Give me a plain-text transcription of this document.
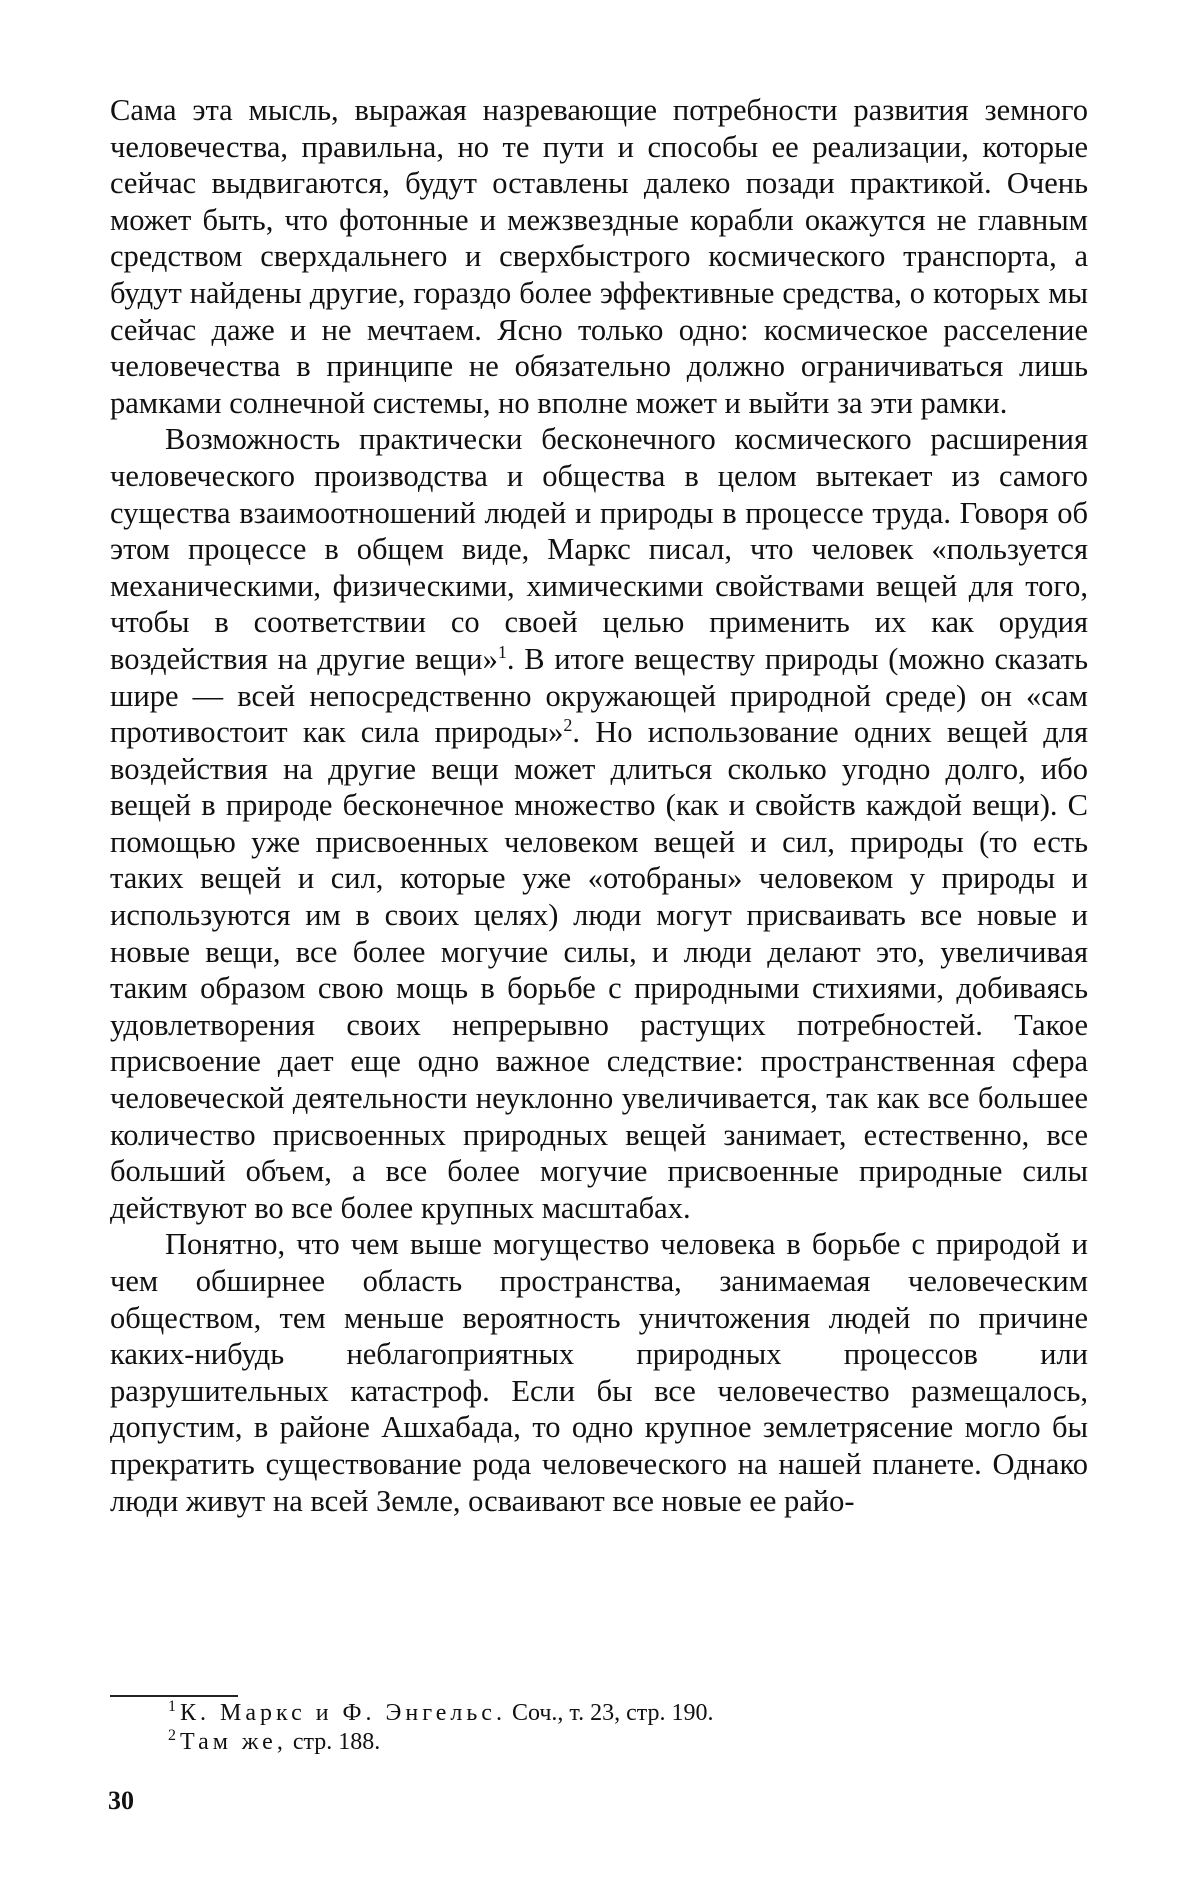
Сама эта мысль, выражая назревающие потребности развития земного человечества, правильна, но те пути и способы ее реализации, которые сейчас выдвигаются, будут оставлены далеко позади практикой. Очень может быть, что фотонные и межзвездные корабли окажутся не главным средством сверхдальнего и сверхбыстрого космического транспорта, а будут найдены другие, гораздо более эффективные средства, о которых мы сейчас даже и не мечтаем. Ясно только одно: космическое расселение человечества в принципе не обязательно должно ограничиваться лишь рамками солнечной системы, но вполне может и выйти за эти рамки.

Возможность практически бесконечного космического расширения человеческого производства и общества в целом вытекает из самого существа взаимоотношений людей и природы в процессе труда. Говоря об этом процессе в общем виде, Маркс писал, что человек «пользуется механическими, физическими, химическими свойствами вещей для того, чтобы в соответствии со своей целью применить их как орудия воздействия на другие вещи»$^1$. В итоге веществу природы (можно сказать шире — всей непосредственно окружающей природной среде) он «сам противостоит как сила природы»$^2$. Но использование одних вещей для воздействия на другие вещи может длиться сколько угодно долго, ибо вещей в природе бесконечное множество (как и свойств каждой вещи). С помощью уже присвоенных человеком вещей и сил, природы (то есть таких вещей и сил, которые уже «отобраны» человеком у природы и используются им в своих целях) люди могут присваивать все новые и новые вещи, все более могучие силы, и люди делают это, увеличивая таким образом свою мощь в борьбе с природными стихиями, добиваясь удовлетворения своих непрерывно растущих потребностей. Такое присвоение дает еще одно важное следствие: пространственная сфера человеческой деятельности неуклонно увеличивается, так как все большее количество присвоенных природных вещей занимает, естественно, все больший объем, а все более могучие присвоенные природные силы действуют во все более крупных масштабах.

Понятно, что чем выше могущество человека в борьбе с природой и чем обширнее область пространства, занимаемая человеческим обществом, тем меньше вероятность уничтожения людей по причине каких-нибудь неблагоприятных природных процессов или разрушительных катастроф. Если бы все человечество размещалось, допустим, в районе Ашхабада, то одно крупное землетрясение могло бы прекратить существование рода человеческого на нашей планете. Однако люди живут на всей Земле, осваивают все новые ее райо-

$^1$ К. Маркс и Ф. Энгельс. Соч., т. 23, стр. 190.

$^2$ Там же, стр. 188.

30
